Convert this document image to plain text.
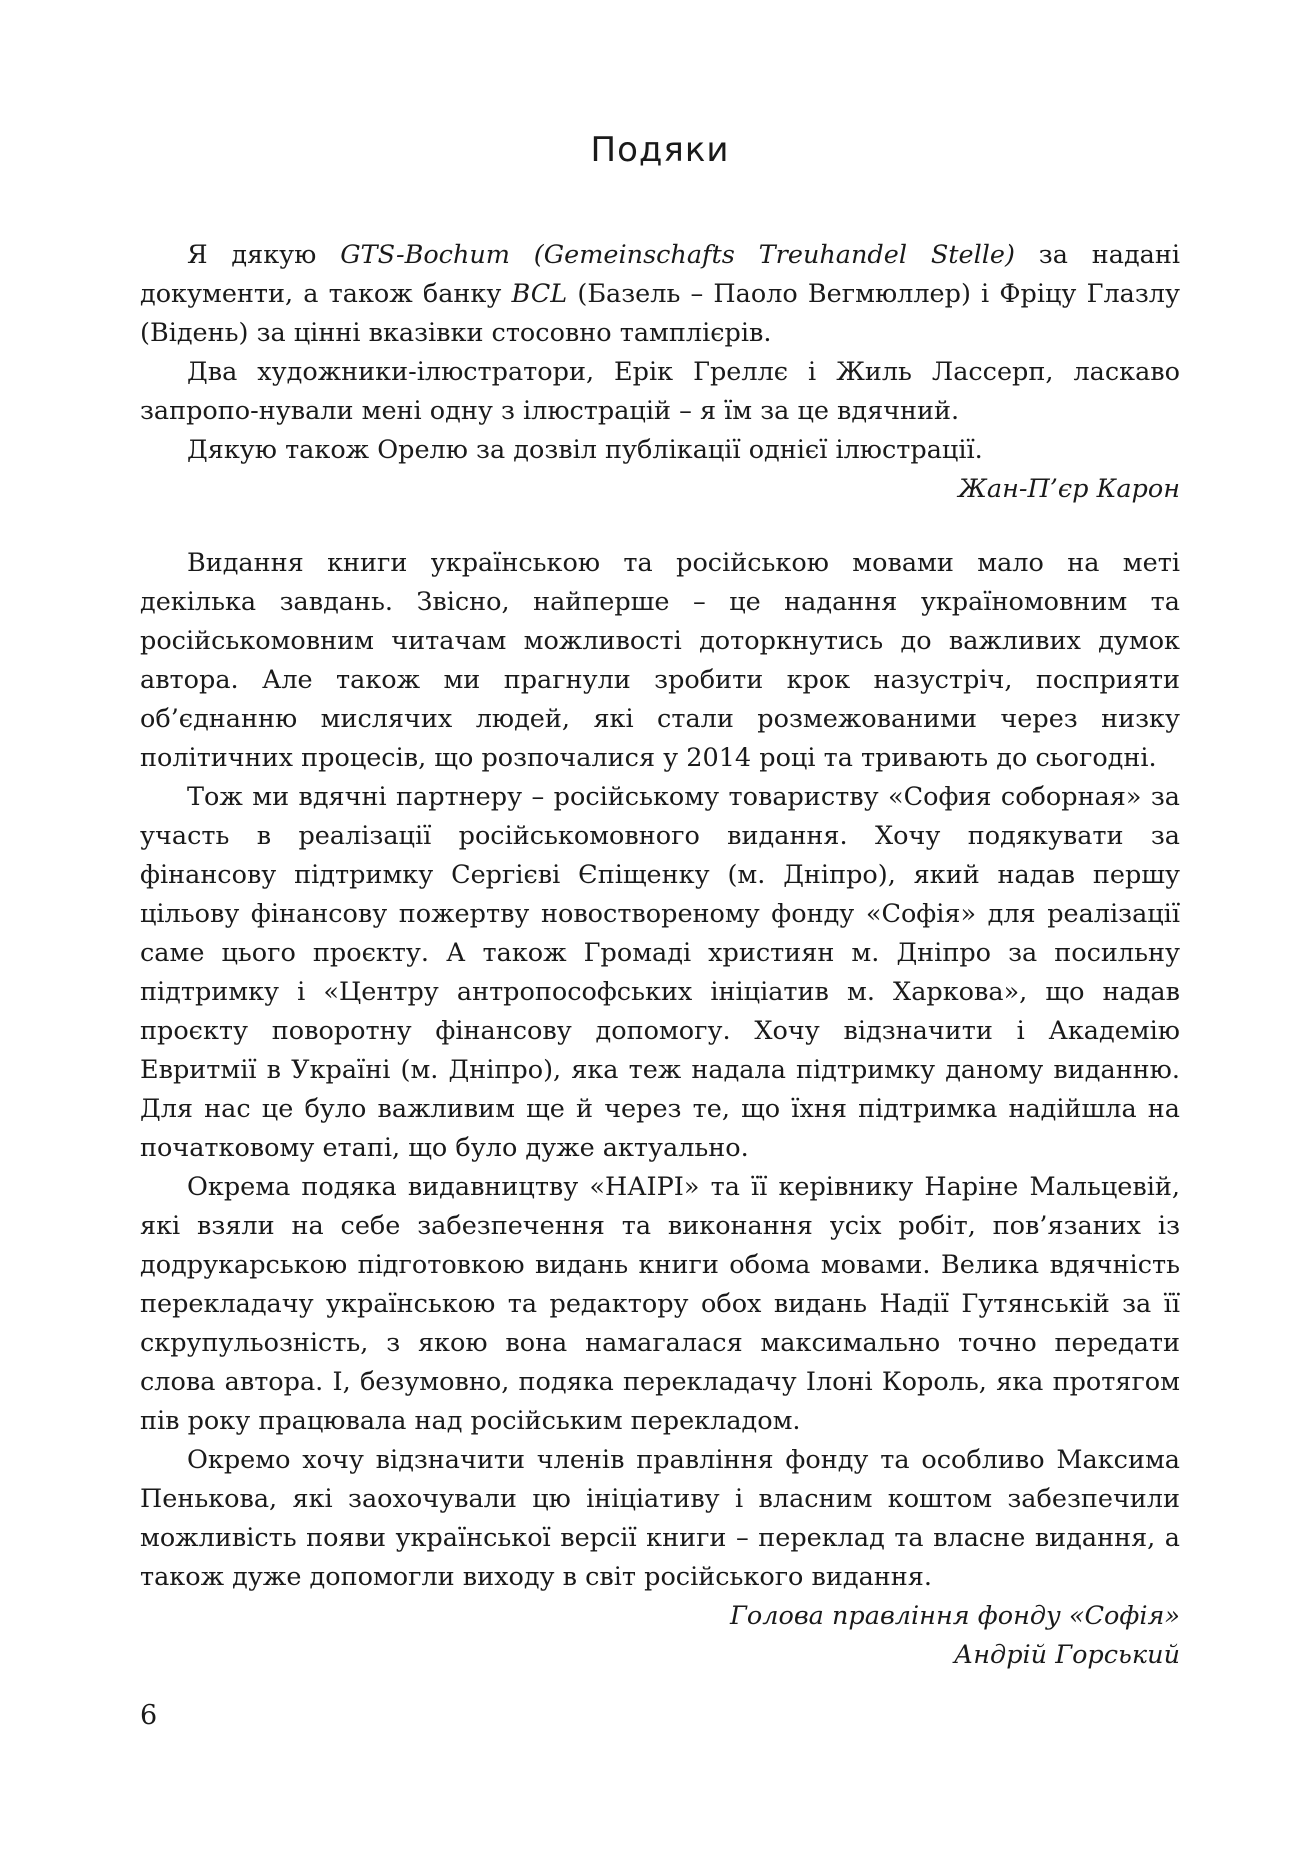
Подяки

Я дякую GTS-Bochum (Gemeinschafts Treuhandel Stelle) за надані документи, а також банку BCL (Базель – Паоло Вегмюллер) і Фріцу Глазлу (Відень) за цінні вказівки стосовно тамплієрів.

Два художники-ілюстратори, Ерік Греллє і Жиль Лассерп, ласкаво запропо-нували мені одну з ілюстрацій – я їм за це вдячний.

Дякую також Орелю за дозвіл публікації однієї ілюстрації.

Жан-П’єр Карон

Видання книги українською та російською мовами мало на меті декілька завдань. Звісно, найперше – це надання україномовним та російськомовним читачам можливості доторкнутись до важливих думок автора. Але також ми прагнули зробити крок назустріч, посприяти об’єднанню мислячих людей, які стали розмежованими через низку політичних процесів, що розпочалися у 2014 році та тривають до сьогодні.

Тож ми вдячні партнеру – російському товариству «София соборная» за участь в реалізації російськомовного видання. Хочу подякувати за фінансову підтримку Сергієві Єпіщенку (м. Дніпро), який надав першу цільову фінансову пожертву новоствореному фонду «Софія» для реалізації саме цього проєкту. А також Громаді християн м. Дніпро за посильну підтримку і «Центру антропософських ініціатив м. Харкова», що надав проєкту поворотну фінансову допомогу. Хочу відзначити і Академію Евритмії в Україні (м. Дніпро), яка теж надала підтримку даному виданню. Для нас це було важливим ще й через те, що їхня підтримка надійшла на початковому етапі, що було дуже актуально.

Окрема подяка видавництву «НАІРІ» та її керівнику Наріне Мальцевій, які взяли на себе забезпечення та виконання усіх робіт, пов’язаних із додрукарською підготовкою видань книги обома мовами. Велика вдячність перекладачу українською та редактору обох видань Надії Гутянській за її скрупульозність, з якою вона намагалася максимально точно передати слова автора. І, безумовно, подяка перекладачу Ілоні Король, яка протягом пів року працювала над російським перекладом.

Окремо хочу відзначити членів правління фонду та особливо Максима Пенькова, які заохочували цю ініціативу і власним коштом забезпечили можливість появи української версії книги – переклад та власне видання, а також дуже допомогли виходу в світ російського видання.

Голова правління фонду «Софія»

Андрій Горський

6
